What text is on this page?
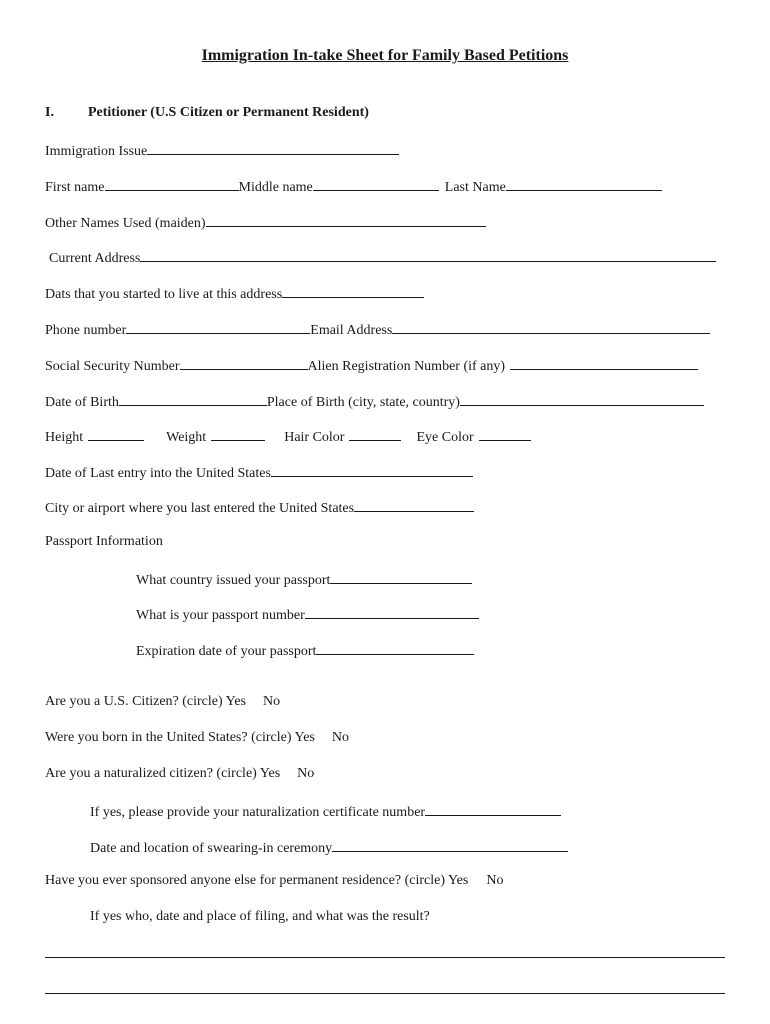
Immigration In-take Sheet for Family Based Petitions
I. Petitioner (U.S Citizen or Permanent Resident)
Immigration Issue
First name	Middle name	Last Name
Other Names Used (maiden)
Current Address
Dats that you started to live at this address
Phone number	Email Address
Social Security Number	Alien Registration Number (if any)
Date of Birth	Place of Birth (city, state, country)
Height	Weight	Hair Color	Eye Color
Date of Last entry into the United States
City or airport where you last entered the United States
Passport Information
What country issued your passport
What is your passport number
Expiration date of your passport
Are you a U.S. Citizen? (circle) Yes No
Were you born in the United States? (circle) Yes No
Are you a naturalized citizen? (circle) Yes No
If yes, please provide your naturalization certificate number
Date and location of swearing-in ceremony
Have you ever sponsored anyone else for permanent residence? (circle) Yes No
If yes who, date and place of filing, and what was the result?
